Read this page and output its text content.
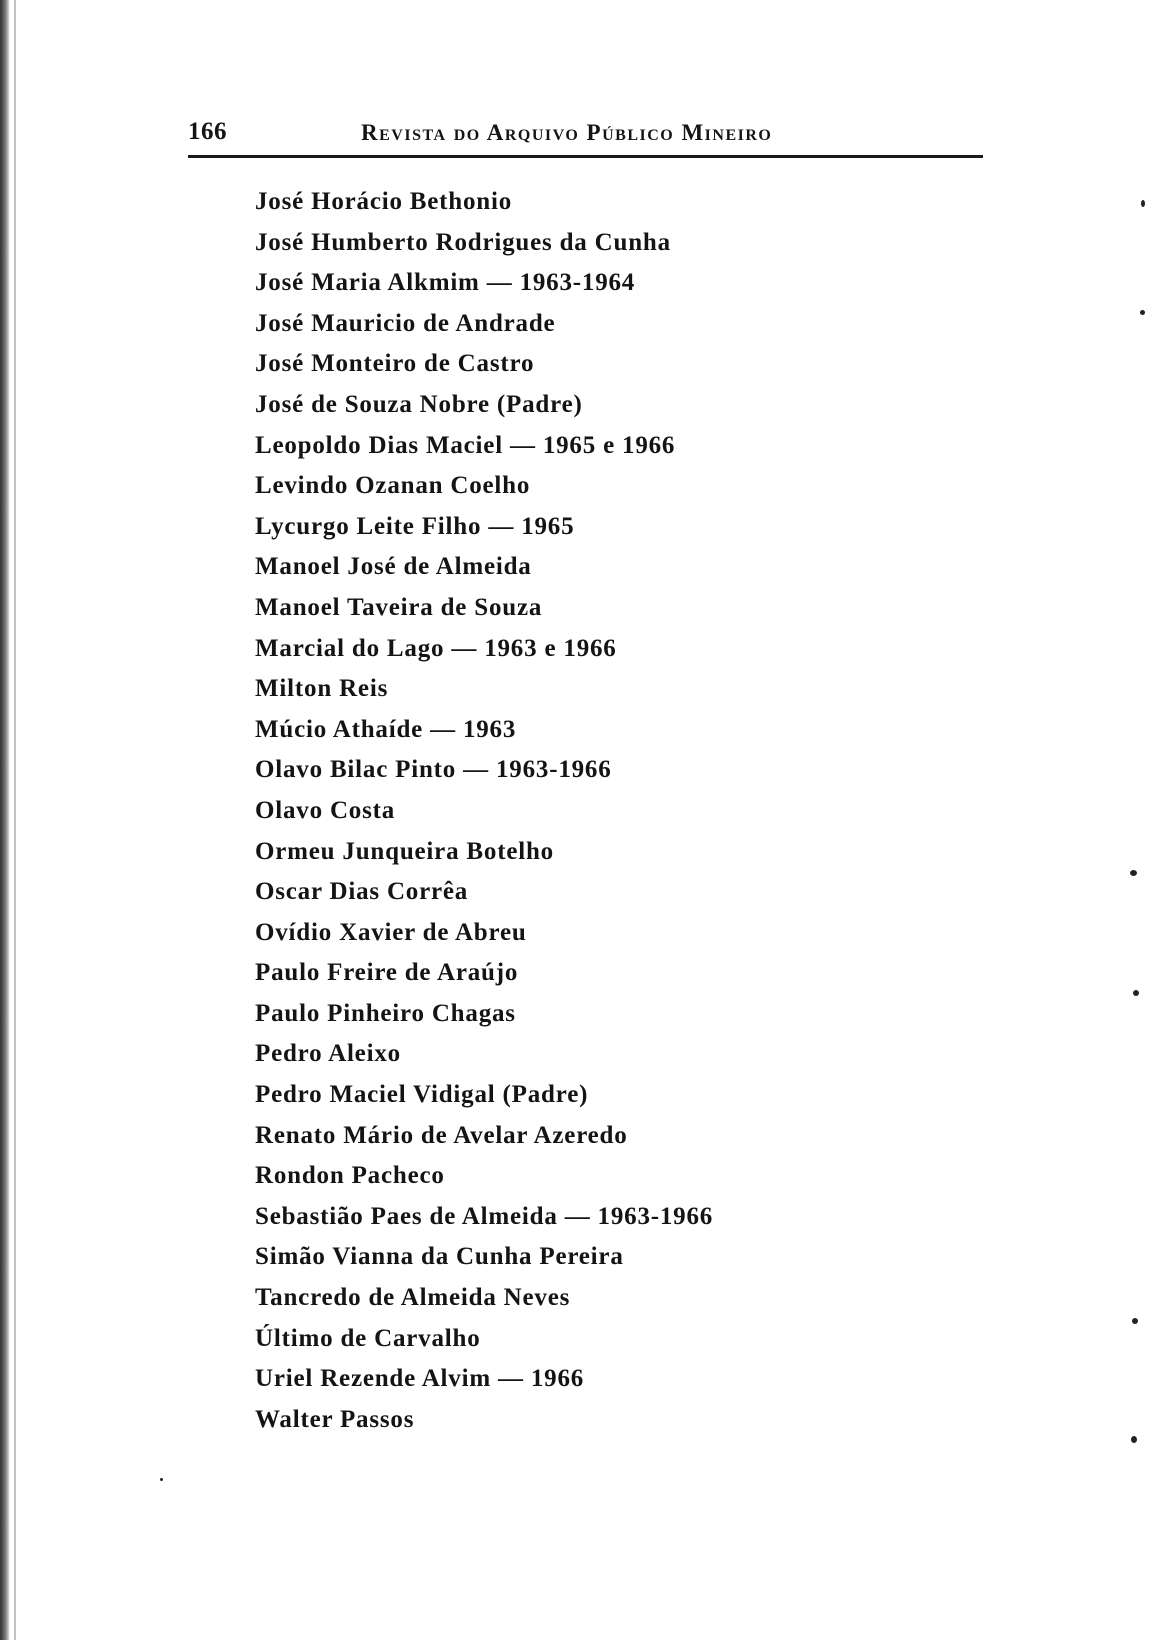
166	Revista do Arquivo Público Mineiro
José Horácio Bethonio
José Humberto Rodrigues da Cunha
José Maria Alkmim — 1963-1964
José Mauricio de Andrade
José Monteiro de Castro
José de Souza Nobre (Padre)
Leopoldo Dias Maciel — 1965 e 1966
Levindo Ozanan Coelho
Lycurgo Leite Filho — 1965
Manoel José de Almeida
Manoel Taveira de Souza
Marcial do Lago — 1963 e 1966
Milton Reis
Múcio Athaíde — 1963
Olavo Bilac Pinto — 1963-1966
Olavo Costa
Ormeu Junqueira Botelho
Oscar Dias Corrêa
Ovídio Xavier de Abreu
Paulo Freire de Araújo
Paulo Pinheiro Chagas
Pedro Aleixo
Pedro Maciel Vidigal (Padre)
Renato Mário de Avelar Azeredo
Rondon Pacheco
Sebastião Paes de Almeida — 1963-1966
Simão Vianna da Cunha Pereira
Tancredo de Almeida Neves
Último de Carvalho
Uriel Rezende Alvim — 1966
Walter Passos
